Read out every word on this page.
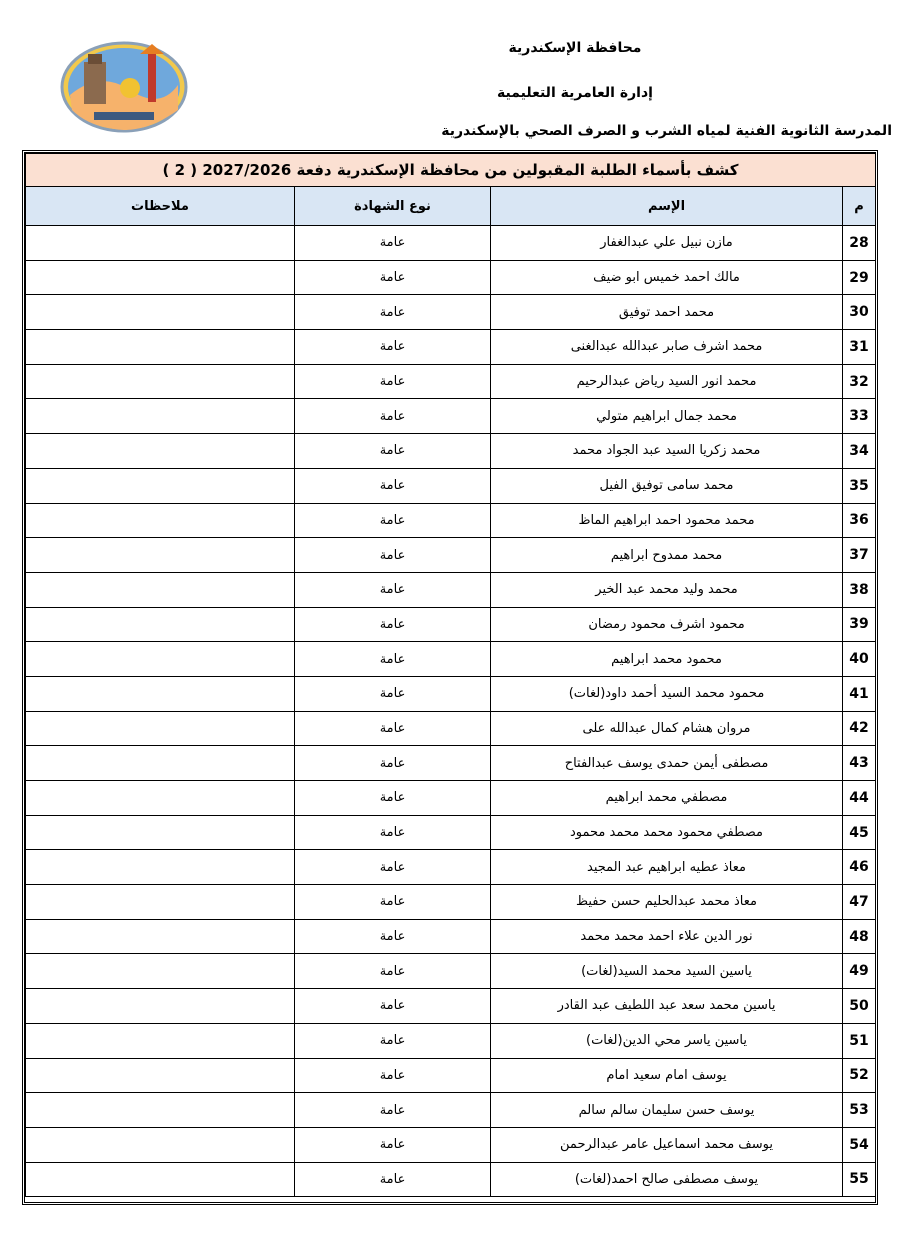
محافظة الإسكندرية
إدارة العامرية التعليمية
المدرسة الثانوية الفنية لمياه الشرب و الصرف الصحي بالإسكندرية
كشف بأسماء الطلبة المقبولين من محافظة الإسكندرية دفعة 2027/2026 ( 2 )			
م	الإسم	نوع الشهادة	ملاحظات
28	مازن نبيل علي عبدالغفار	عامة	
29	مالك احمد خميس ابو ضيف	عامة	
30	محمد احمد توفيق	عامة	
31	محمد اشرف صابر عبدالله عبدالغنى	عامة	
32	محمد انور السيد رياض عبدالرحيم	عامة	
33	محمد جمال ابراهيم متولي	عامة	
34	محمد زكريا السيد عبد الجواد محمد	عامة	
35	محمد سامى توفيق الفيل	عامة	
36	محمد محمود احمد ابراهيم الماظ	عامة	
37	محمد ممدوح ابراهيم	عامة	
38	محمد وليد محمد عبد الخير	عامة	
39	محمود اشرف محمود رمضان	عامة	
40	محمود محمد ابراهيم	عامة	
41	محمود محمد السيد أحمد داود(لغات)	عامة	
42	مروان هشام كمال عبدالله على	عامة	
43	مصطفى أيمن حمدى يوسف عبدالفتاح	عامة	
44	مصطفي محمد ابراهيم	عامة	
45	مصطفي محمود محمد محمد محمود	عامة	
46	معاذ عطيه ابراهيم عبد المجيد	عامة	
47	معاذ محمد عبدالحليم حسن حفيظ	عامة	
48	نور الدين علاء احمد محمد محمد	عامة	
49	ياسين السيد محمد السيد(لغات)	عامة	
50	ياسين محمد سعد عبد اللطيف عبد القادر	عامة	
51	ياسين ياسر محي الدين(لغات)	عامة	
52	يوسف امام سعيد امام	عامة	
53	يوسف حسن سليمان سالم سالم	عامة	
54	يوسف محمد اسماعيل عامر عبدالرحمن	عامة	
55	يوسف مصطفى صالح احمد(لغات)	عامة	
